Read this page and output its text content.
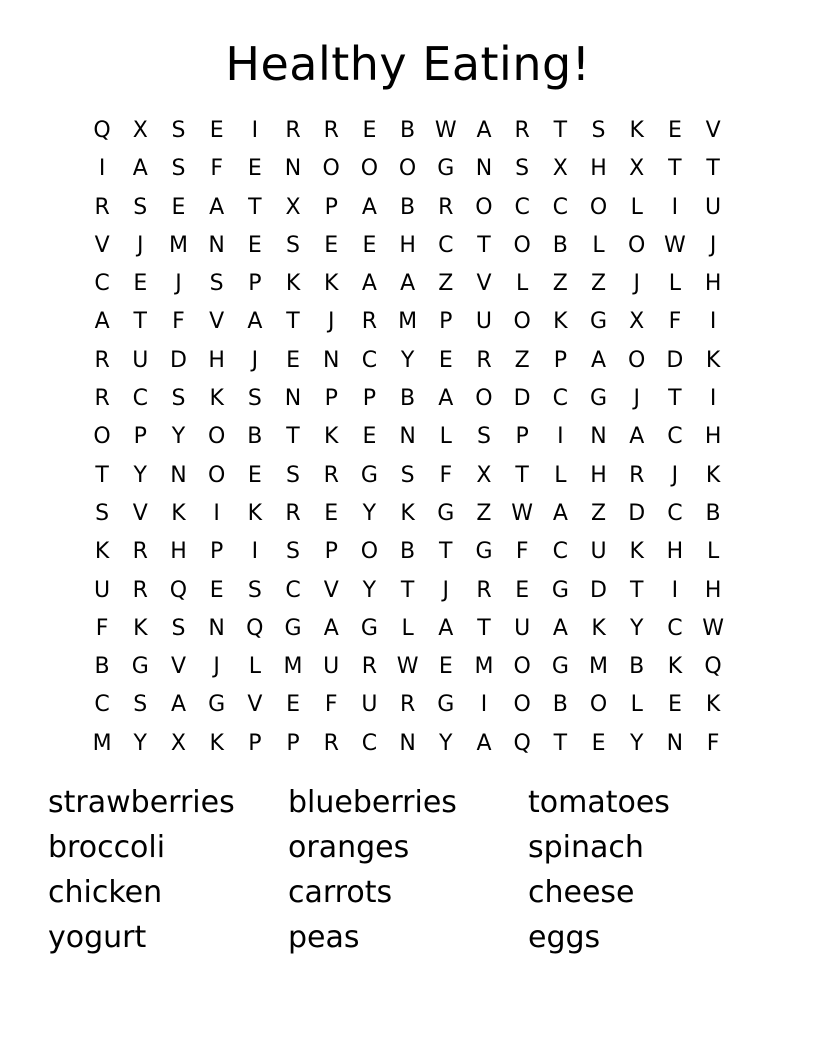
Healthy Eating!
Q X	S	E	I	R	R	E	B W A	R	T	S	K	E	V
I	A	S	F	E	N O O O G N	S	X	H	X	T	T
R	S	E	A	T	X	P	A	B	R O C	C O	L	I	U
V	J	M N	E	S	E	E	H	C	T	O B	L	O W	J
C	E	J	S	P	K	K	A	A	Z	V	L	Z	Z	J	L	H
A	T	F	V	A	T	J	R M	P	U O	K	G	X	F	I
R	U D H	J	E	N	C	Y	E	R	Z	P	A O D	K
R	C	S	K	S	N	P	P	B	A O D	C G	J	T	I
O	P	Y	O B	T	K	E	N	L	S	P	I	N	A	C	H
T	Y	N O	E	S	R	G	S	F	X	T	L	H	R	J	K
S	V	K	I	K	R	E	Y	K	G	Z W A	Z	D	C	B
K	R	H	P	I	S	P	O B	T	G	F	C	U	K	H	L
U	R Q	E	S	C	V	Y	T	J	R	E	G D	T	I	H
F	K	S	N Q G	A	G	L	A	T	U	A	K	Y	C W
B	G	V	J	L	M U	R W E M O G M B	K	Q
C	S	A	G	V	E	F	U	R	G	I	O B O	L	E	K
M Y	X	K	P	P	R	C	N	Y	A Q	T	E	Y	N	F
strawberries	blueberries	tomatoes
broccoli	oranges	spinach
chicken	carrots	cheese
yogurt	peas	eggs
